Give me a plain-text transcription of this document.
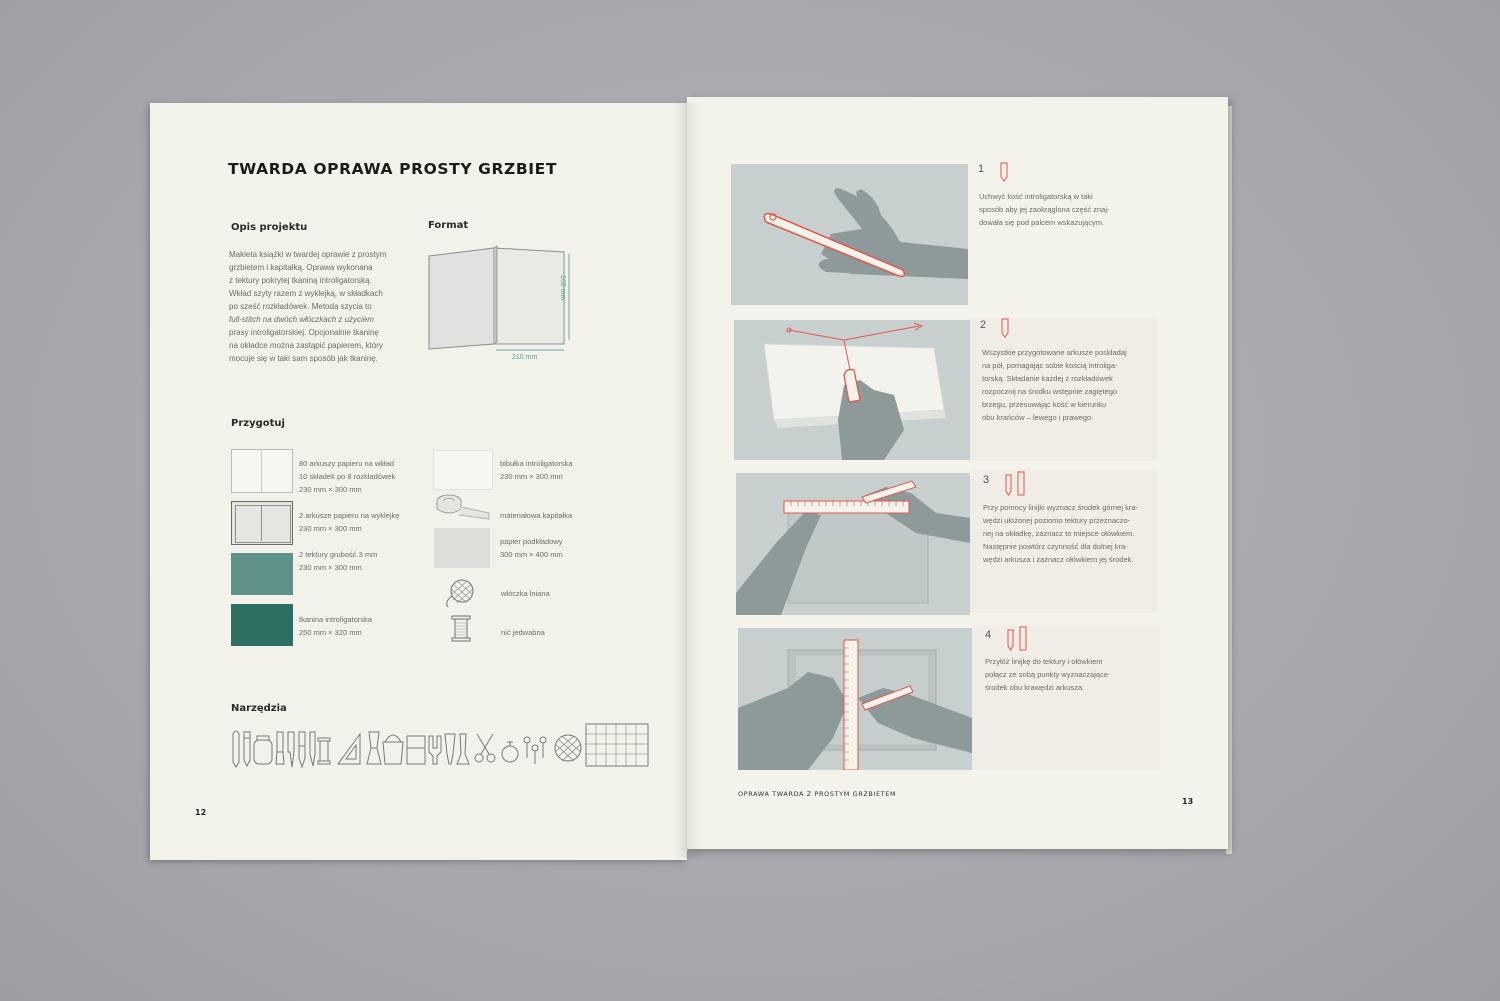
TWARDA OPRAWA PROSTY GRZBIET
Opis projektu
Makieta książki w twardej oprawie z prostym
grzbietem i kapitałką. Oprawa wykonana
z tektury pokrytej tkaniną introligatorską.
Wkład szyty razem z wyklejką, w składkach
po sześć rozkładówek. Metoda szycia to
full-stitch na dwóch włóczkach z użyciem
prasy introligatorskiej. Opcjonalnie tkaninę
na okładce można zastąpić papierem, który
mocuje się w taki sam sposób jak tkaninę.
Format
160 mm
210 mm
Przygotuj
80 arkuszy papieru na wkład
10 składek po 8 rozkładówek
230 mm × 300 mm
2 arkusze papieru na wyklejkę
230 mm × 300 mm
2 tektury grubość 3 mm
230 mm × 300 mm
tkanina introligatorska
250 mm × 320 mm
bibułka introligatorska
230 mm × 300 mm
materiałowa kapitałka
papier podkładowy
300 mm × 400 mm
włóczka lniana
nić jedwabna
Narzędzia
12
1
Uchwyć kość introligatorską w taki
sposób aby jej zaokrąglona część znaj-
dowała się pod palcem wskazującym.
2
Wszystkie przygotowane arkusze poskładaj
na pół, pomagając sobie kością introliga-
torską. Składanie każdej z rozkładówek
rozpocznij na środku wstępnie zagiętego
brzegu, przesuwając kość w kierunku
obu krańców – lewego i prawego.
3
Przy pomocy linijki wyznacz środek górnej kra-
wędzi ułożonej poziomo tektury przeznaczo-
nej na okładkę, zaznacz to miejsce ołówkiem.
Następnie powtórz czynność dla dolnej kra-
wędzi arkusza i zaznacz ołówkiem jej środek.
4
Przyłóż linijkę do tektury i ołówkiem
połącz ze sobą punkty wyznaczające
środek obu krawędzi arkusza.
OPRAWA TWARDA Z PROSTYM GRZBIETEM
13
